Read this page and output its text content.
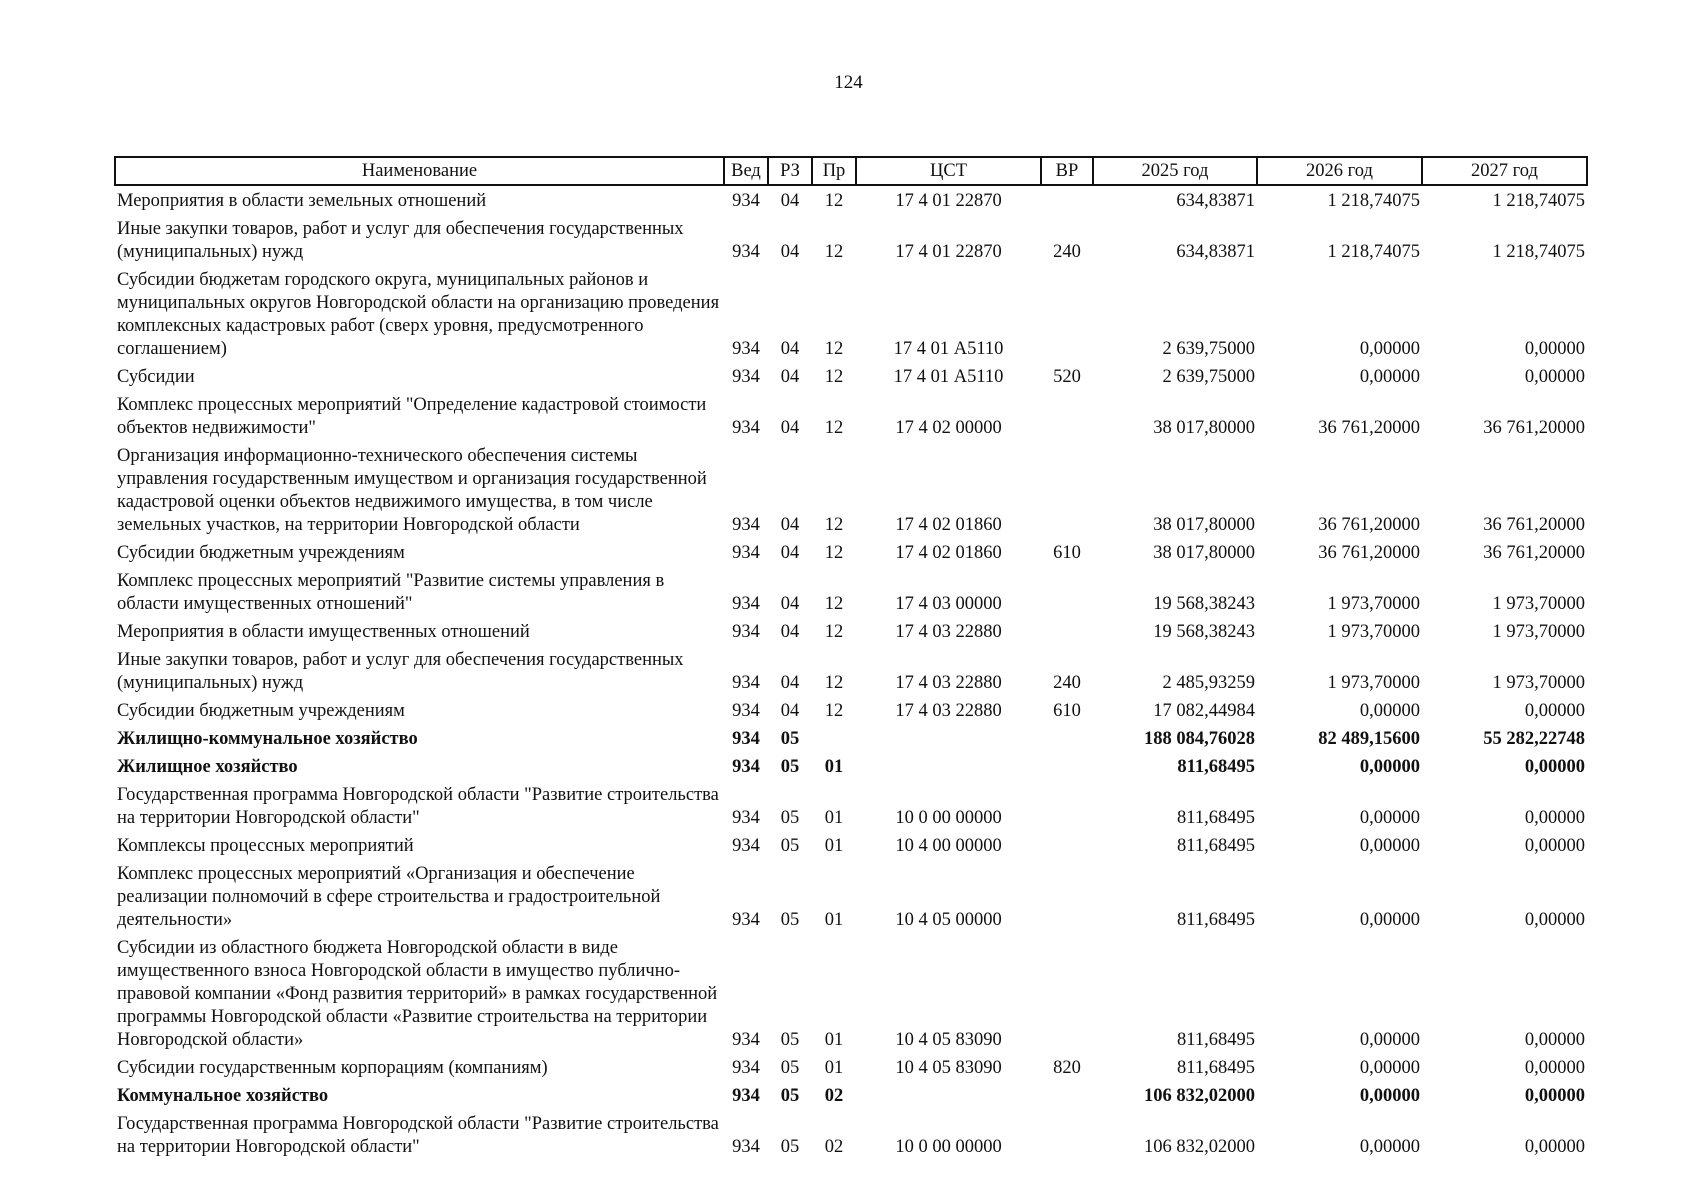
124
Наименование	Вед	РЗ	Пр	ЦСТ	ВР	2025 год	2026 год	2027 год
Мероприятия в области земельных отношений	934	04	12	17 4 01 22870		634,83871	1 218,74075	1 218,74075
Иные закупки товаров, работ и услуг для обеспечения государственных (муниципальных) нужд	934	04	12	17 4 01 22870	240	634,83871	1 218,74075	1 218,74075
Субсидии бюджетам городского округа, муниципальных районов и муниципальных округов Новгородской области на организацию проведения комплексных кадастровых работ (сверх уровня, предусмотренного соглашением)	934	04	12	17 4 01 А5110		2 639,75000	0,00000	0,00000
Субсидии	934	04	12	17 4 01 А5110	520	2 639,75000	0,00000	0,00000
Комплекс процессных мероприятий "Определение кадастровой стоимости объектов недвижимости"	934	04	12	17 4 02 00000		38 017,80000	36 761,20000	36 761,20000
Организация информационно-технического обеспечения системы управления государственным имуществом и организация государственной кадастровой оценки объектов недвижимого имущества, в том числе земельных участков, на территории Новгородской области	934	04	12	17 4 02 01860		38 017,80000	36 761,20000	36 761,20000
Субсидии бюджетным учреждениям	934	04	12	17 4 02 01860	610	38 017,80000	36 761,20000	36 761,20000
Комплекс процессных мероприятий "Развитие системы управления в области имущественных отношений"	934	04	12	17 4 03 00000		19 568,38243	1 973,70000	1 973,70000
Мероприятия в области имущественных отношений	934	04	12	17 4 03 22880		19 568,38243	1 973,70000	1 973,70000
Иные закупки товаров, работ и услуг для обеспечения государственных (муниципальных) нужд	934	04	12	17 4 03 22880	240	2 485,93259	1 973,70000	1 973,70000
Субсидии бюджетным учреждениям	934	04	12	17 4 03 22880	610	17 082,44984	0,00000	0,00000
Жилищно-коммунальное хозяйство	934	05				188 084,76028	82 489,15600	55 282,22748
Жилищное хозяйство	934	05	01			811,68495	0,00000	0,00000
Государственная программа Новгородской области "Развитие строительства на территории Новгородской области"	934	05	01	10 0 00 00000		811,68495	0,00000	0,00000
Комплексы процессных мероприятий	934	05	01	10 4 00 00000		811,68495	0,00000	0,00000
Комплекс процессных мероприятий «Организация и обеспечение реализации полномочий в сфере строительства и градостроительной деятельности»	934	05	01	10 4 05 00000		811,68495	0,00000	0,00000
Субсидии из областного бюджета Новгородской области в виде имущественного взноса Новгородской области в имущество публично-правовой компании «Фонд развития территорий» в рамках государственной программы Новгородской области «Развитие строительства на территории Новгородской области»	934	05	01	10 4 05 83090		811,68495	0,00000	0,00000
Субсидии государственным корпорациям (компаниям)	934	05	01	10 4 05 83090	820	811,68495	0,00000	0,00000
Коммунальное хозяйство	934	05	02			106 832,02000	0,00000	0,00000
Государственная программа Новгородской области "Развитие строительства на территории Новгородской области"	934	05	02	10 0 00 00000		106 832,02000	0,00000	0,00000
